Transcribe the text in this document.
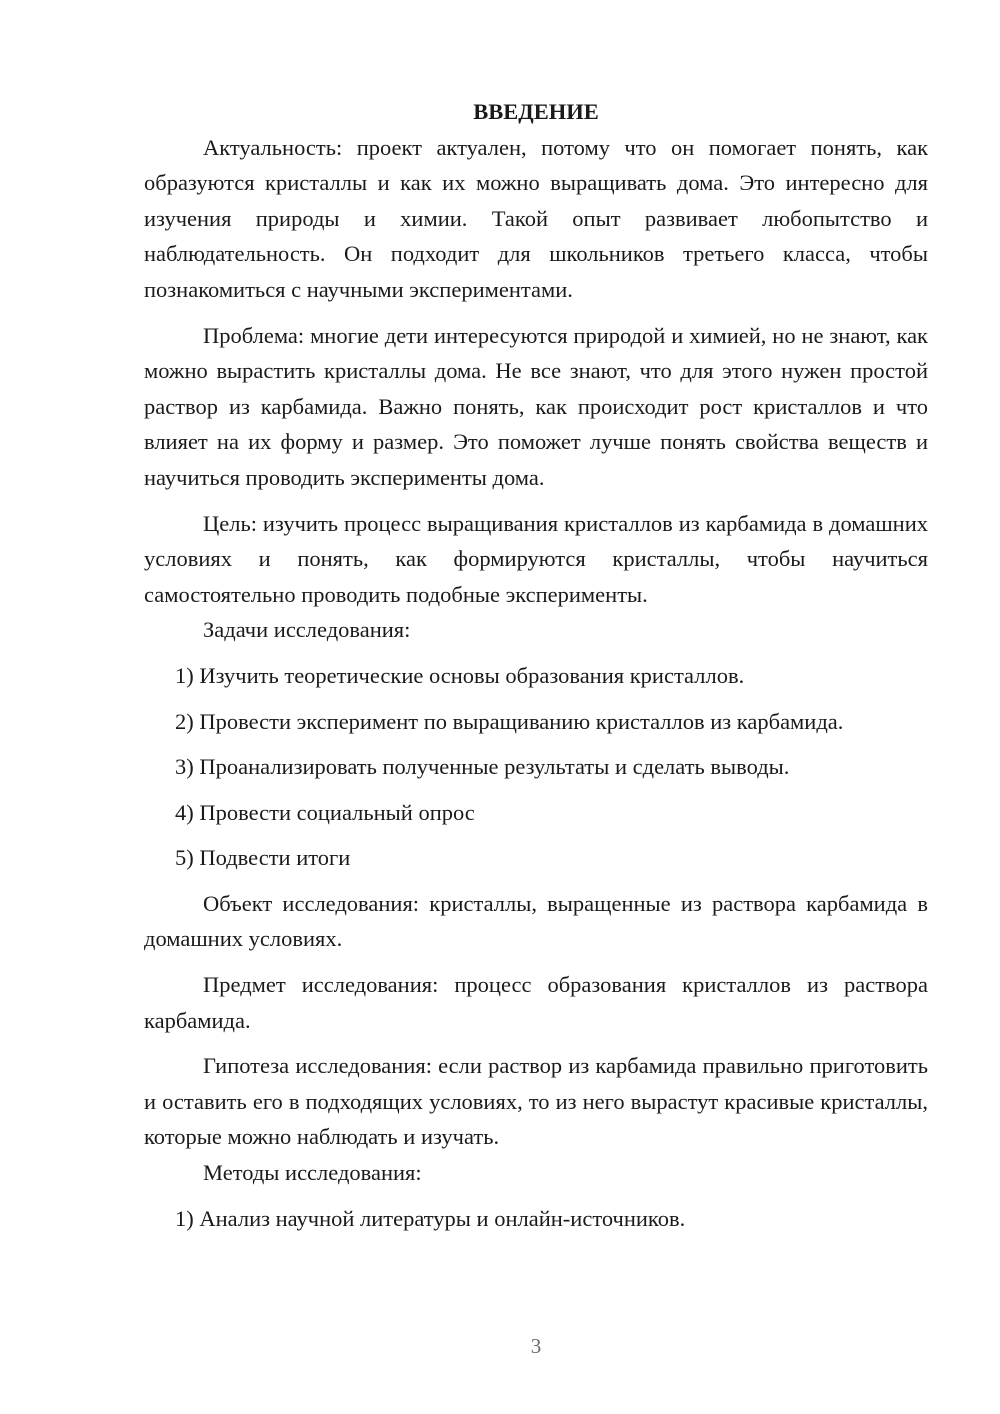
ВВЕДЕНИЕ

Актуальность: проект актуален, потому что он помогает понять, как образуются кристаллы и как их можно выращивать дома. Это интересно для изучения природы и химии. Такой опыт развивает любопытство и наблюдательность. Он подходит для школьников третьего класса, чтобы познакомиться с научными экспериментами.

Проблема: многие дети интересуются природой и химией, но не знают, как можно вырастить кристаллы дома. Не все знают, что для этого нужен простой раствор из карбамида. Важно понять, как происходит рост кристаллов и что влияет на их форму и размер. Это поможет лучше понять свойства веществ и научиться проводить эксперименты дома.

Цель: изучить процесс выращивания кристаллов из карбамида в домашних условиях и понять, как формируются кристаллы, чтобы научиться самостоятельно проводить подобные эксперименты.

Задачи исследования:

1) Изучить теоретические основы образования кристаллов.

2) Провести эксперимент по выращиванию кристаллов из карбамида.

3) Проанализировать полученные результаты и сделать выводы.

4) Провести социальный опрос

5) Подвести итоги

Объект исследования: кристаллы, выращенные из раствора карбамида в домашних условиях.

Предмет исследования: процесс образования кристаллов из раствора карбамида.

Гипотеза исследования: если раствор из карбамида правильно приготовить и оставить его в подходящих условиях, то из него вырастут красивые кристаллы, которые можно наблюдать и изучать.

Методы исследования:

1) Анализ научной литературы и онлайн-источников.

3
